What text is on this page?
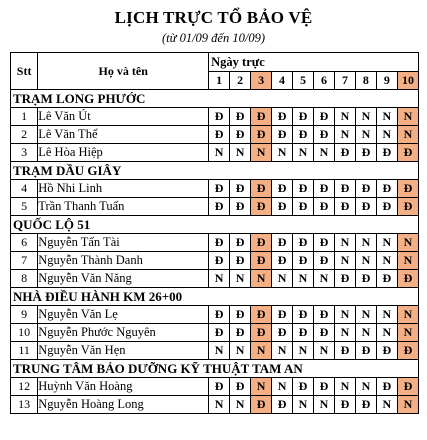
LỊCH TRỰC TỔ BẢO VỆ
(từ 01/09 đến 10/09)
Stt	Họ và tên	Ngày trực									
		1	2	3	4	5	6	7	8	9	10
TRẠM LONG PHƯỚC											
1	Lê Văn Út	Đ	Đ	Đ	Đ	Đ	Đ	N	N	N	N
2	Lê Văn Thể	Đ	Đ	Đ	Đ	Đ	Đ	N	N	N	N
3	Lê Hòa Hiệp	N	N	N	N	N	N	Đ	Đ	Đ	Đ
TRẠM DẦU GIÂY											
4	Hồ Nhi Linh	Đ	Đ	Đ	Đ	Đ	Đ	Đ	Đ	Đ	Đ
5	Trần Thanh Tuấn	Đ	Đ	Đ	Đ	Đ	Đ	Đ	Đ	Đ	Đ
QUỐC LỘ 51											
6	Nguyễn Tấn Tài	Đ	Đ	Đ	Đ	Đ	Đ	N	N	N	N
7	Nguyễn Thành Danh	Đ	Đ	Đ	Đ	Đ	Đ	N	N	N	N
8	Nguyễn Văn Năng	N	N	N	N	N	N	Đ	Đ	Đ	Đ
NHÀ ĐIỀU HÀNH KM 26+00											
9	Nguyễn Văn Lẹ	Đ	Đ	Đ	Đ	Đ	Đ	N	N	N	N
10	Nguyễn Phước Nguyên	Đ	Đ	Đ	Đ	Đ	Đ	N	N	N	N
11	Nguyễn Văn Hẹn	N	N	N	N	N	N	Đ	Đ	Đ	Đ
TRUNG TÂM BẢO DƯỠNG KỸ THUẬT TAM AN											
12	Huỳnh Văn Hoàng	Đ	Đ	N	N	Đ	Đ	N	N	Đ	Đ
13	Nguyễn Hoàng Long	N	N	Đ	Đ	N	N	Đ	Đ	N	N
